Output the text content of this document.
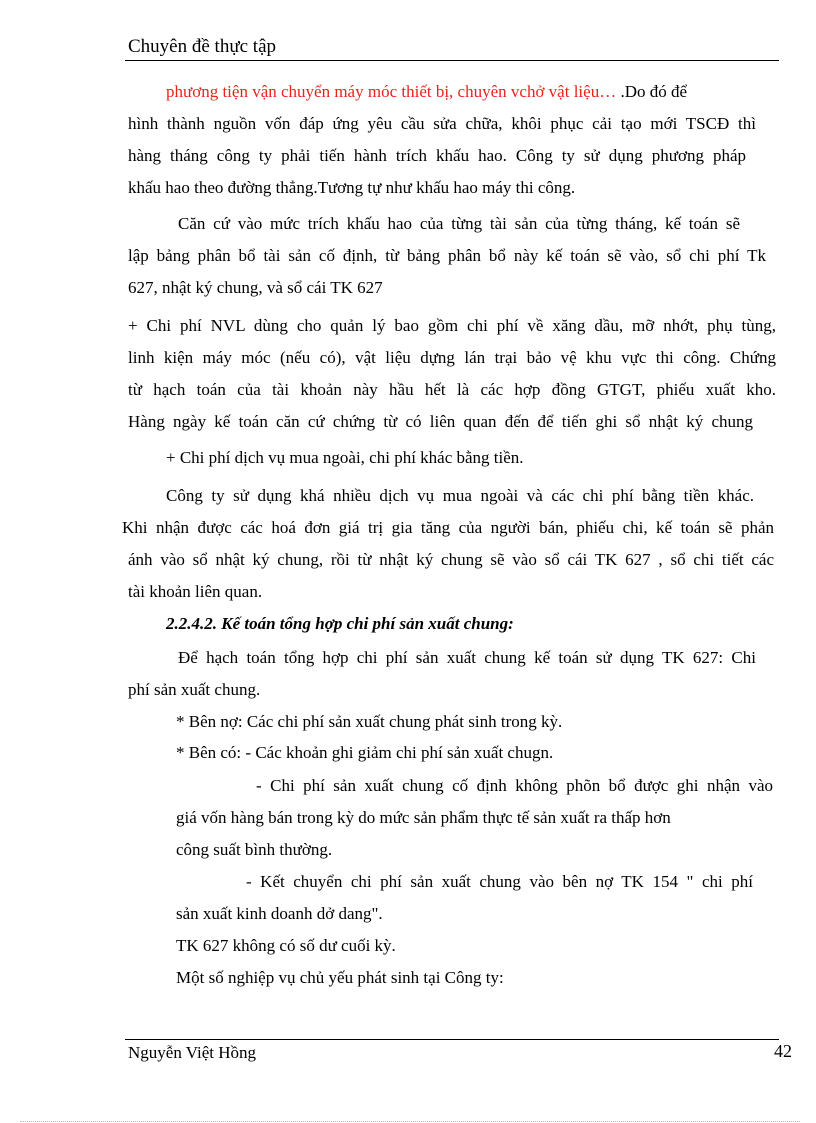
Chuyên đề thực tập
phương tiện vận chuyển máy móc thiết bị, chuyên vchở vật liệu… .Do đó để
hình thành nguồn vốn đáp ứng yêu cầu sửa chữa, khôi phục cải tạo mới TSCĐ thì
hàng tháng công ty phải tiến hành trích khấu hao. Công ty sử dụng phương pháp
khấu hao theo đường thẳng.Tương tự như khấu hao máy thi công.
Căn cứ vào mức trích khấu hao của từng tài sản của từng tháng, kế toán sẽ
lập bảng phân bổ tài sản cố định, từ bảng phân bổ này kế toán sẽ vào, sổ chi phí Tk
627, nhật ký chung, và sổ cái TK 627
+ Chi phí NVL dùng cho quản lý bao gồm chi phí về xăng dầu, mỡ nhớt, phụ tùng,
linh kiện máy móc (nếu có), vật liệu dựng lán trại bảo vệ khu vực thi công. Chứng
từ hạch toán của tài khoản này hầu hết là các hợp đồng GTGT, phiếu xuất kho.
Hàng ngày kế toán căn cứ chứng từ có liên quan đến để tiến ghi sổ nhật ký chung
+ Chi phí dịch vụ mua ngoài, chi phí khác bằng tiền.
Công ty sử dụng khá nhiều dịch vụ mua ngoài và các chi phí bằng tiền khác.
Khi nhận được các hoá đơn giá trị gia tăng của người bán, phiếu chi, kế toán sẽ phản
ánh vào sổ nhật ký chung, rồi từ nhật ký chung sẽ vào sổ cái TK 627 , sổ chi tiết các
tài khoản liên quan.
2.2.4.2. Kế toán tổng hợp chi phí sản xuất chung:
Để hạch toán tổng hợp chi phí sản xuất chung kế toán sử dụng TK 627: Chi
phí sản xuất chung.
* Bên nợ: Các chi phí sản xuất chung phát sinh trong kỳ.
* Bên có: - Các khoản ghi giảm chi phí sản xuất chugn.
- Chi phí sản xuất chung cố định không phõn bổ được ghi nhận vào
giá vốn hàng bán trong kỳ do mức sản phẩm thực tế sản xuất ra thấp hơn
công suất bình thường.
- Kết chuyển chi phí sản xuất chung vào bên nợ TK 154 " chi phí
sản xuất kinh doanh dở dang".
TK 627 không có số dư cuối kỳ.
Một số nghiệp vụ chủ yếu phát sinh tại Công ty:
Nguyễn Việt Hồng	42
